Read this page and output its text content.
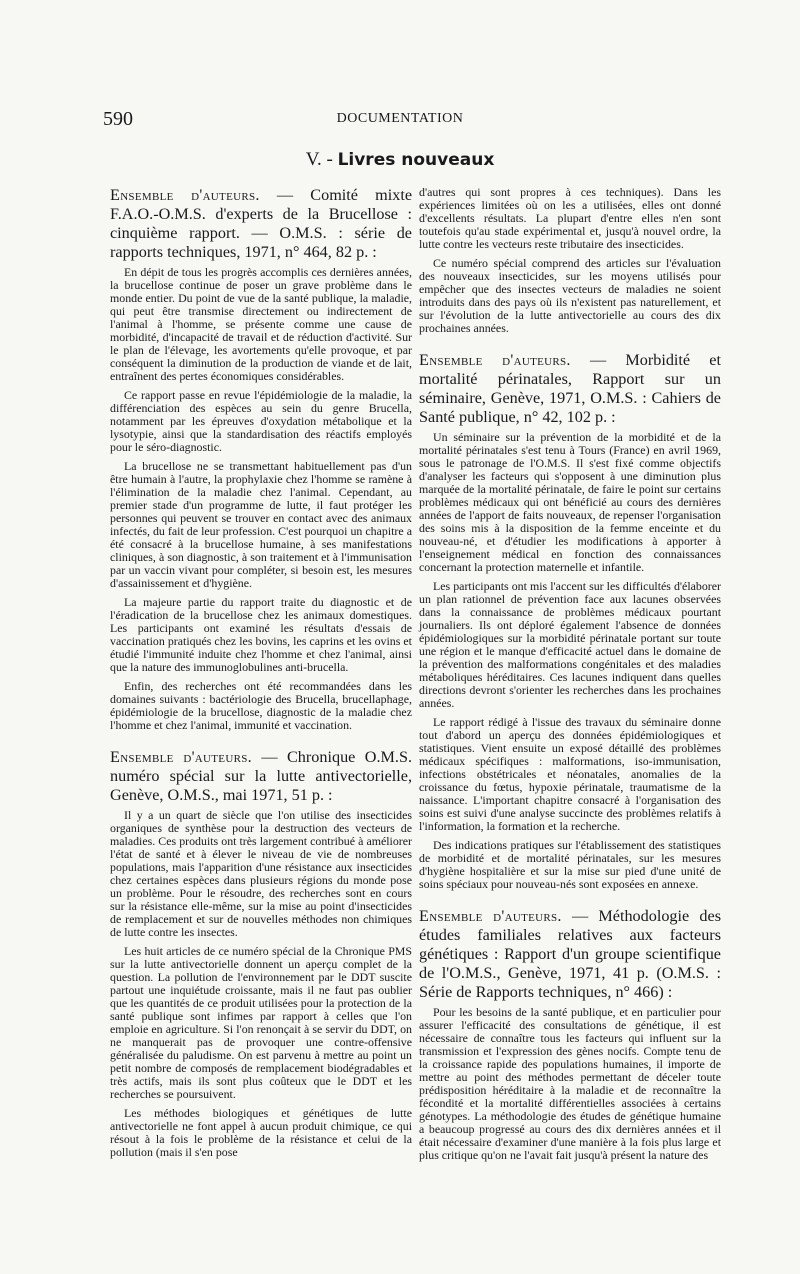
590	DOCUMENTATION
V. - Livres nouveaux
Ensemble d'auteurs. — Comité mixte F.A.O.-O.M.S. d'experts de la Brucellose : cinquième rapport. — O.M.S. : série de rapports techniques, 1971, n° 464, 82 p. :
En dépit de tous les progrès accomplis ces dernières années, la brucellose continue de poser un grave problème dans le monde entier. Du point de vue de la santé publique, la maladie, qui peut être transmise directement ou indirectement de l'animal à l'homme, se présente comme une cause de morbidité, d'incapacité de travail et de réduction d'activité. Sur le plan de l'élevage, les avortements qu'elle provoque, et par conséquent la diminution de la production de viande et de lait, entraînent des pertes économiques considérables.
Ce rapport passe en revue l'épidémiologie de la maladie, la différenciation des espèces au sein du genre Brucella, notamment par les épreuves d'oxydation métabolique et la lysotypie, ainsi que la standardisation des réactifs employés pour le séro-diagnostic.
La brucellose ne se transmettant habituellement pas d'un être humain à l'autre, la prophylaxie chez l'homme se ramène à l'élimination de la maladie chez l'animal. Cependant, au premier stade d'un programme de lutte, il faut protéger les personnes qui peuvent se trouver en contact avec des animaux infectés, du fait de leur profession. C'est pourquoi un chapitre a été consacré à la brucellose humaine, à ses manifestations cliniques, à son diagnostic, à son traitement et à l'immunisation par un vaccin vivant pour compléter, si besoin est, les mesures d'assainissement et d'hygiène.
La majeure partie du rapport traite du diagnostic et de l'éradication de la brucellose chez les animaux domestiques. Les participants ont examiné les résultats d'essais de vaccination pratiqués chez les bovins, les caprins et les ovins et étudié l'immunité induite chez l'homme et chez l'animal, ainsi que la nature des immunoglobulines anti-brucella.
Enfin, des recherches ont été recommandées dans les domaines suivants : bactériologie des Brucella, brucellaphage, épidémiologie de la brucellose, diagnostic de la maladie chez l'homme et chez l'animal, immunité et vaccination.
Ensemble d'auteurs. — Chronique O.M.S. numéro spécial sur la lutte antivectorielle, Genève, O.M.S., mai 1971, 51 p. :
Il y a un quart de siècle que l'on utilise des insecticides organiques de synthèse pour la destruction des vecteurs de maladies. Ces produits ont très largement contribué à améliorer l'état de santé et à élever le niveau de vie de nombreuses populations, mais l'apparition d'une résistance aux insecticides chez certaines espèces dans plusieurs régions du monde pose un problème. Pour le résoudre, des recherches sont en cours sur la résistance elle-même, sur la mise au point d'insecticides de remplacement et sur de nouvelles méthodes non chimiques de lutte contre les insectes.
Les huit articles de ce numéro spécial de la Chronique PMS sur la lutte antivectorielle donnent un aperçu complet de la question. La pollution de l'environnement par le DDT suscite partout une inquiétude croissante, mais il ne faut pas oublier que les quantités de ce produit utilisées pour la protection de la santé publique sont infimes par rapport à celles que l'on emploie en agriculture. Si l'on renonçait à se servir du DDT, on ne manquerait pas de provoquer une contre-offensive généralisée du paludisme. On est parvenu à mettre au point un petit nombre de composés de remplacement biodégradables et très actifs, mais ils sont plus coûteux que le DDT et les recherches se poursuivent.
Les méthodes biologiques et génétiques de lutte antivectorielle ne font appel à aucun produit chimique, ce qui résout à la fois le problème de la résistance et celui de la pollution (mais il s'en pose
d'autres qui sont propres à ces techniques). Dans les expériences limitées où on les a utilisées, elles ont donné d'excellents résultats. La plupart d'entre elles n'en sont toutefois qu'au stade expérimental et, jusqu'à nouvel ordre, la lutte contre les vecteurs reste tributaire des insecticides.
Ce numéro spécial comprend des articles sur l'évaluation des nouveaux insecticides, sur les moyens utilisés pour empêcher que des insectes vecteurs de maladies ne soient introduits dans des pays où ils n'existent pas naturellement, et sur l'évolution de la lutte antivectorielle au cours des dix prochaines années.
Ensemble d'auteurs. — Morbidité et mortalité périnatales, Rapport sur un séminaire, Genève, 1971, O.M.S. : Cahiers de Santé publique, n° 42, 102 p. :
Un séminaire sur la prévention de la morbidité et de la mortalité périnatales s'est tenu à Tours (France) en avril 1969, sous le patronage de l'O.M.S. Il s'est fixé comme objectifs d'analyser les facteurs qui s'opposent à une diminution plus marquée de la mortalité périnatale, de faire le point sur certains problèmes médicaux qui ont bénéficié au cours des dernières années de l'apport de faits nouveaux, de repenser l'organisation des soins mis à la disposition de la femme enceinte et du nouveau-né, et d'étudier les modifications à apporter à l'enseignement médical en fonction des connaissances concernant la protection maternelle et infantile.
Les participants ont mis l'accent sur les difficultés d'élaborer un plan rationnel de prévention face aux lacunes observées dans la connaissance de problèmes médicaux pourtant journaliers. Ils ont déploré également l'absence de données épidémiologiques sur la morbidité périnatale portant sur toute une région et le manque d'efficacité actuel dans le domaine de la prévention des malformations congénitales et des maladies métaboliques héréditaires. Ces lacunes indiquent dans quelles directions devront s'orienter les recherches dans les prochaines années.
Le rapport rédigé à l'issue des travaux du séminaire donne tout d'abord un aperçu des données épidémiologiques et statistiques. Vient ensuite un exposé détaillé des problèmes médicaux spécifiques : malformations, iso-immunisation, infections obstétricales et néonatales, anomalies de la croissance du fœtus, hypoxie périnatale, traumatisme de la naissance. L'important chapitre consacré à l'organisation des soins est suivi d'une analyse succincte des problèmes relatifs à l'information, la formation et la recherche.
Des indications pratiques sur l'établissement des statistiques de morbidité et de mortalité périnatales, sur les mesures d'hygiène hospitalière et sur la mise sur pied d'une unité de soins spéciaux pour nouveau-nés sont exposées en annexe.
Ensemble d'auteurs. — Méthodologie des études familiales relatives aux facteurs génétiques : Rapport d'un groupe scientifique de l'O.M.S., Genève, 1971, 41 p. (O.M.S. : Série de Rapports techniques, n° 466) :
Pour les besoins de la santé publique, et en particulier pour assurer l'efficacité des consultations de génétique, il est nécessaire de connaître tous les facteurs qui influent sur la transmission et l'expression des gènes nocifs. Compte tenu de la croissance rapide des populations humaines, il importe de mettre au point des méthodes permettant de déceler toute prédisposition héréditaire à la maladie et de reconnaître la fécondité et la mortalité différentielles associées à certains génotypes. La méthodologie des études de génétique humaine a beaucoup progressé au cours des dix dernières années et il était nécessaire d'examiner d'une manière à la fois plus large et plus critique qu'on ne l'avait fait jusqu'à présent la nature des
